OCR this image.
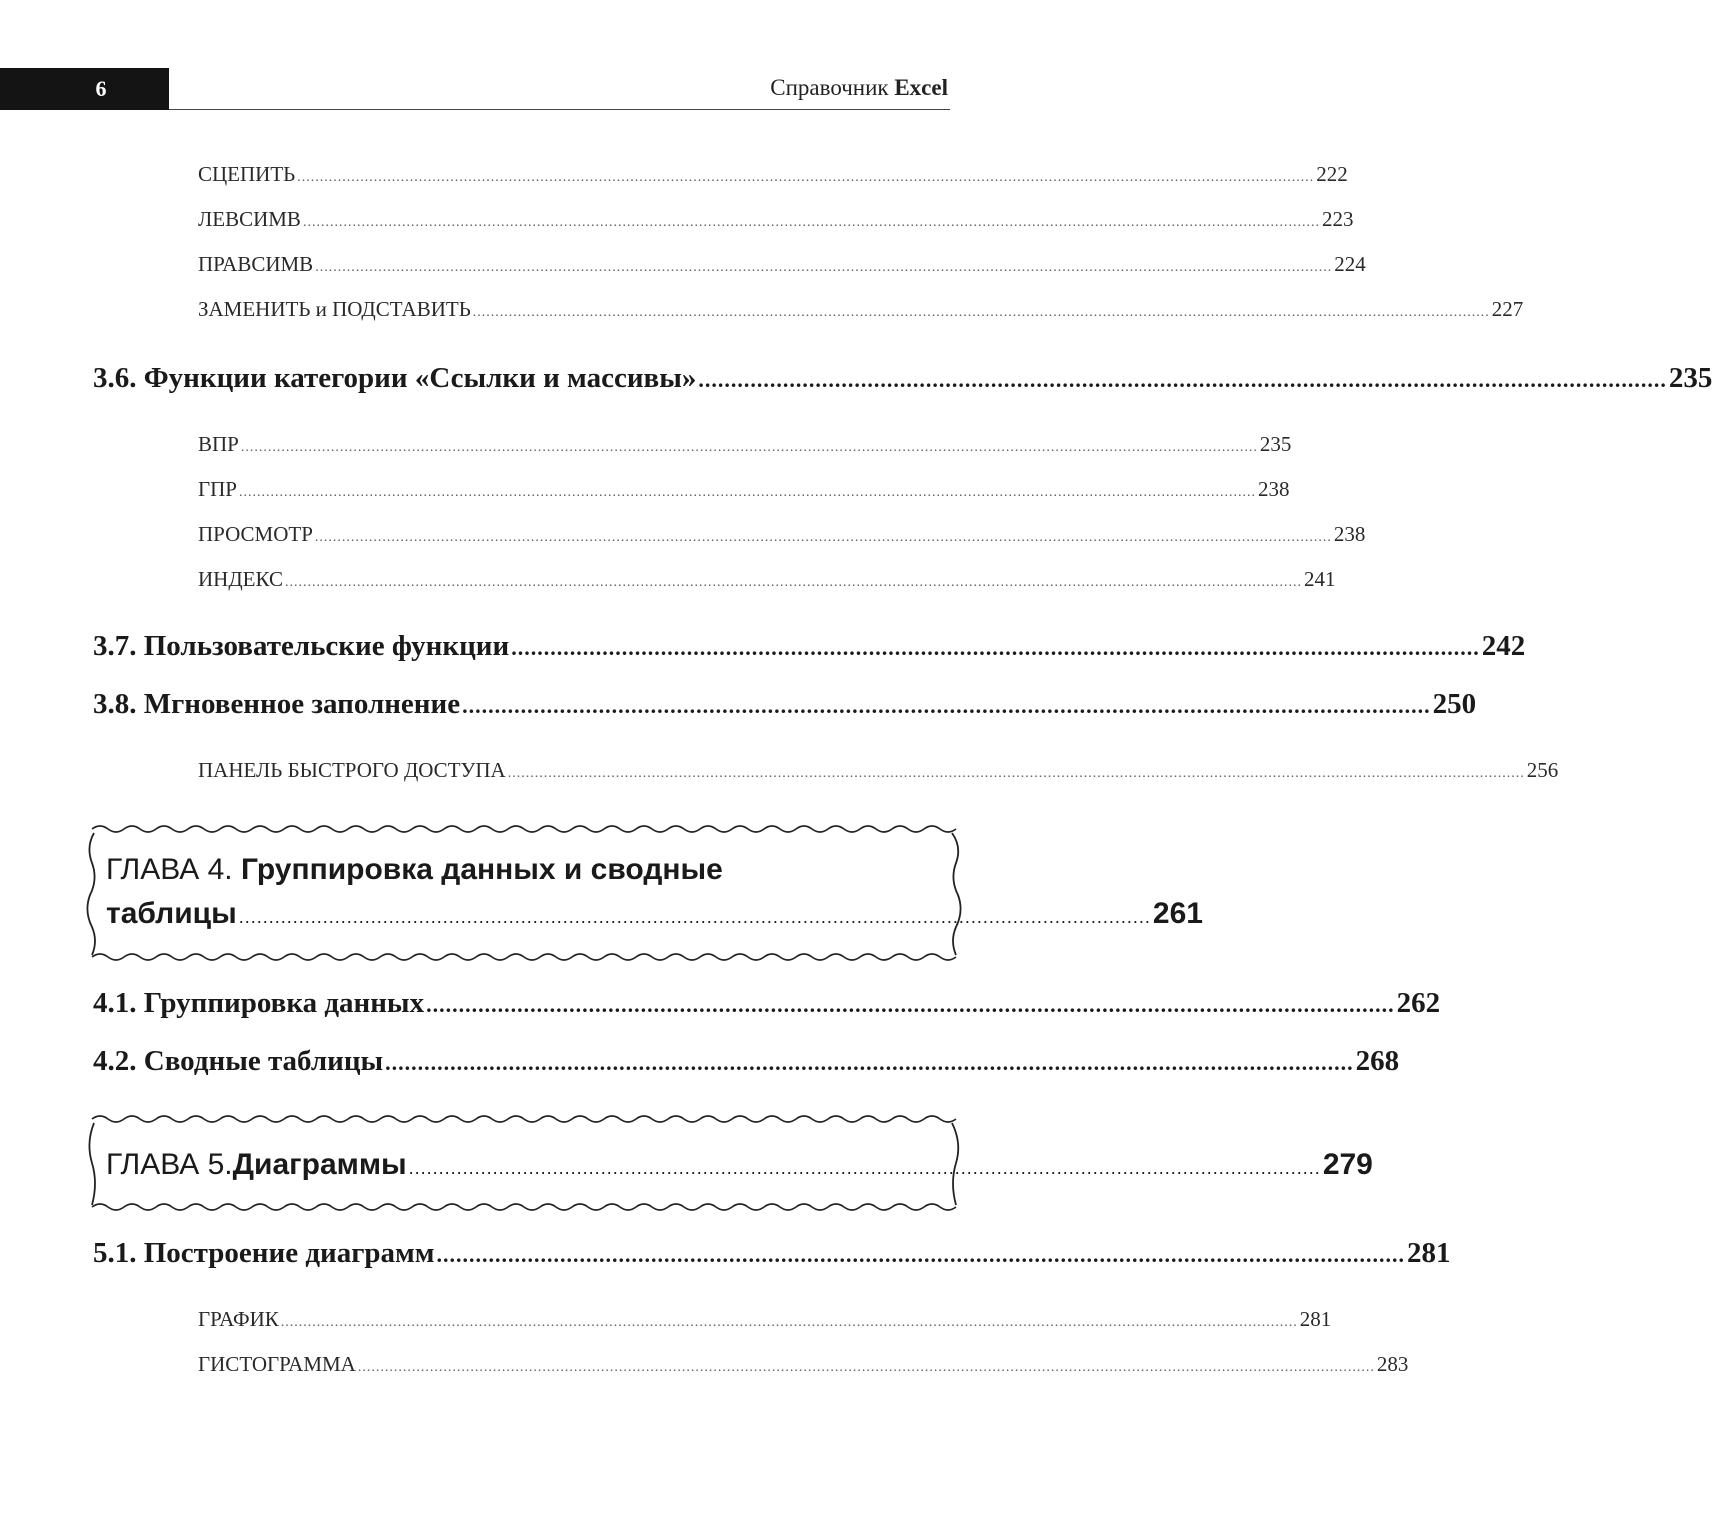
6	Справочник Excel
СЦЕПИТЬ .................................................................................................................................................................................................................................. 222
ЛЕВСИМВ .................................................................................................................................................................................................................................. 223
ПРАВСИМВ .................................................................................................................................................................................................................................. 224
ЗАМЕНИТЬ и ПОДСТАВИТЬ .................................................................................................................................................................................................................................. 227
3.6. Функции категории «Ссылки и массивы» ..................................................................................................................................................... 235
ВПР .................................................................................................................................................................................................................................. 235
ГПР .................................................................................................................................................................................................................................. 238
ПРОСМОТР .................................................................................................................................................................................................................................. 238
ИНДЕКС .................................................................................................................................................................................................................................. 241
3.7. Пользовательские функции ..................................................................................................................................................... 242
3.8. Мгновенное заполнение ..................................................................................................................................................... 250
ПАНЕЛЬ БЫСТРОГО ДОСТУПА .................................................................................................................................................................................................................................. 256
ГЛАВА 4. Группировка данных и сводные
таблицы ........................................................................................................................................................ 261
4.1. Группировка данных ..................................................................................................................................................... 262
4.2. Сводные таблицы ..................................................................................................................................................... 268
ГЛАВА 5. Диаграммы ........................................................................................................................................................ 279
5.1. Построение диаграмм ..................................................................................................................................................... 281
ГРАФИК .................................................................................................................................................................................................................................. 281
ГИСТОГРАММА .................................................................................................................................................................................................................................. 283
